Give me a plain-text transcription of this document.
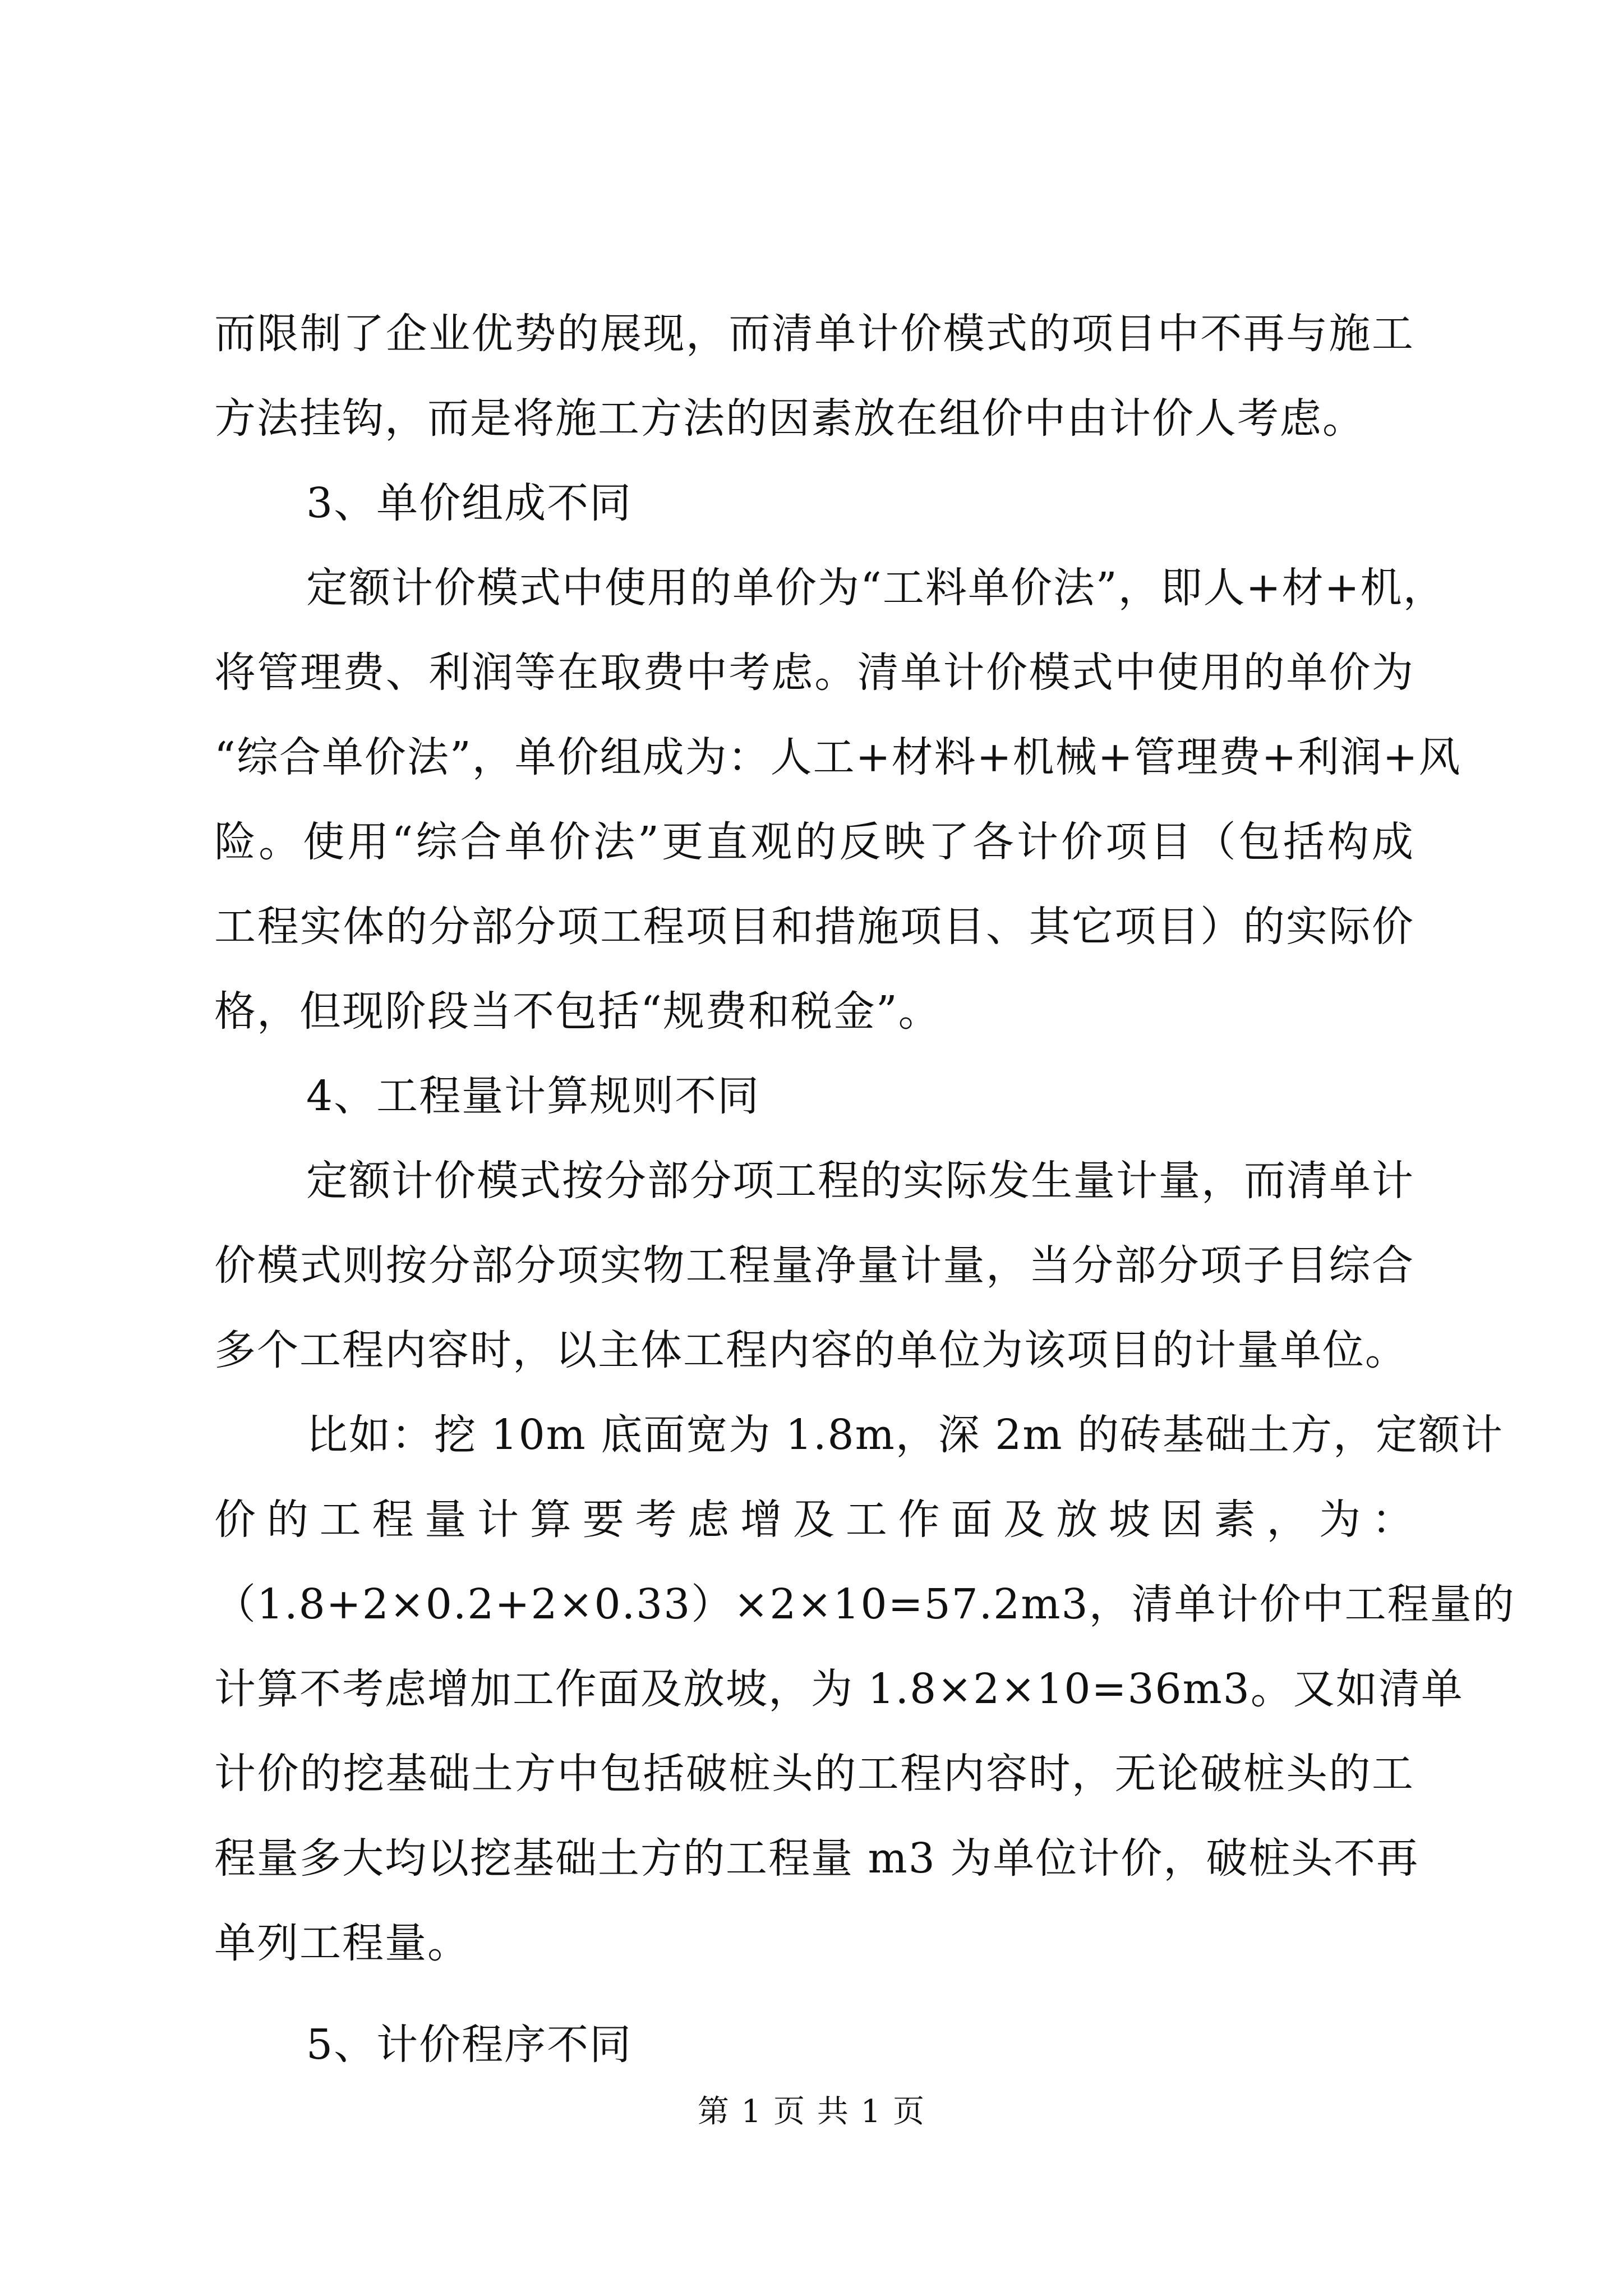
而限制了企业优势的展现，而清单计价模式的项目中不再与施工
方法挂钩，而是将施工方法的因素放在组价中由计价人考虑。
3、单价组成不同
定额计价模式中使用的单价为“工料单价法”，即人+材+机，
将管理费、利润等在取费中考虑。清单计价模式中使用的单价为
“综合单价法”，单价组成为：人工+材料+机械+管理费+利润+风
险。使用“综合单价法”更直观的反映了各计价项目（包括构成
工程实体的分部分项工程项目和措施项目、其它项目）的实际价
格，但现阶段当不包括“规费和税金”。
4、工程量计算规则不同
定额计价模式按分部分项工程的实际发生量计量，而清单计
价模式则按分部分项实物工程量净量计量，当分部分项子目综合
多个工程内容时，以主体工程内容的单位为该项目的计量单位。
比如：挖 10m 底面宽为 1.8m，深 2m 的砖基础土方，定额计
价的工程量计算要考虑增及工作面及放坡因素，为：
（1.8+2×0.2+2×0.33）×2×10=57.2m3，清单计价中工程量的
计算不考虑增加工作面及放坡，为 1.8×2×10=36m3。又如清单
计价的挖基础土方中包括破桩头的工程内容时，无论破桩头的工
程量多大均以挖基础土方的工程量 m3 为单位计价，破桩头不再
单列工程量。
5、计价程序不同
第 1 页 共 1 页
